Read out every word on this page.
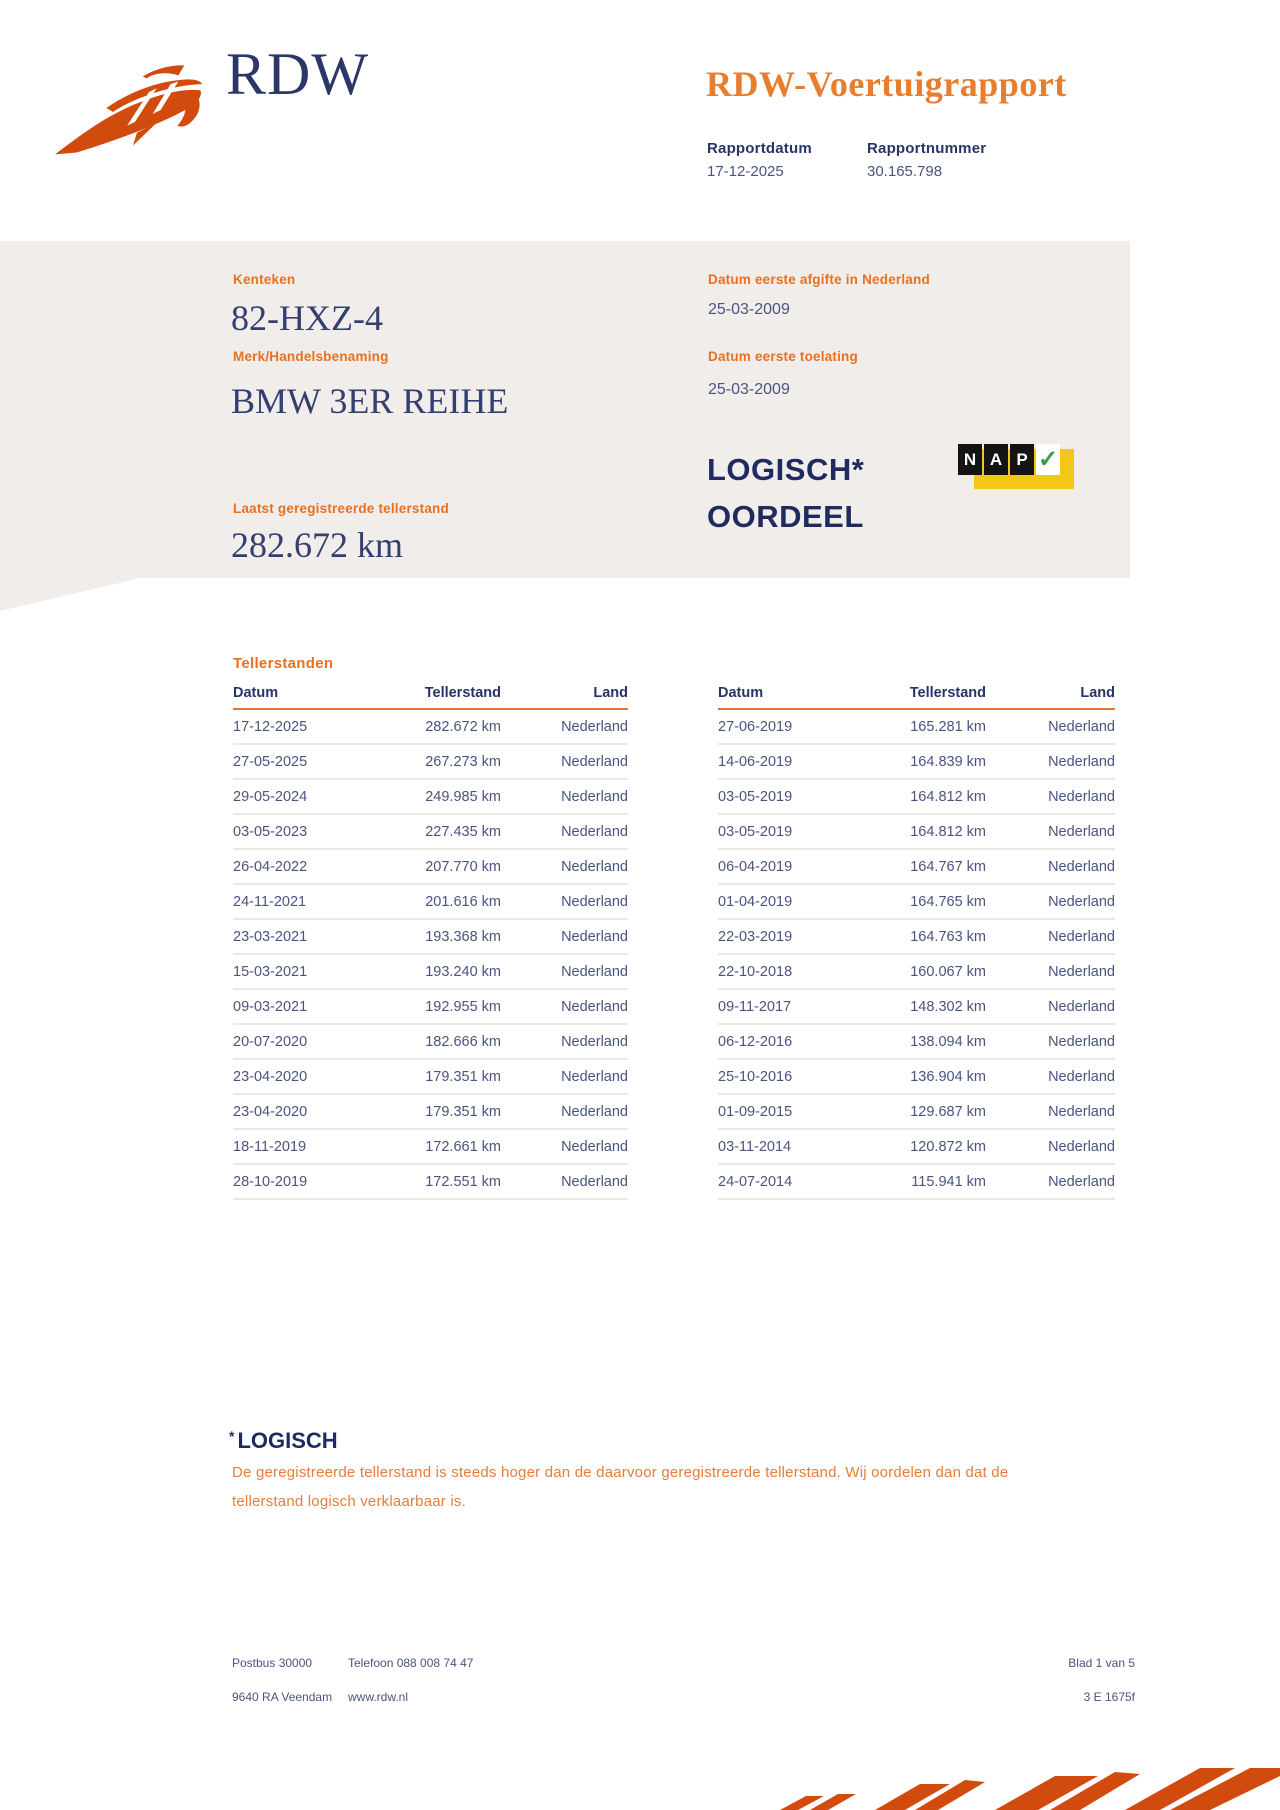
RDW	RDW-Voertuigrapport
Rapportdatum
17-12-2025
Rapportnummer
30.165.798
Kenteken
82-HXZ-4
Merk/Handelsbenaming
BMW 3ER REIHE
Datum eerste afgifte in Nederland
25-03-2009
Datum eerste toelating
25-03-2009
LOGISCH*
OORDEEL
N A P ✓
Laatst geregistreerde tellerstand
282.672 km
Tellerstanden
Datum	Tellerstand	Land
17-12-2025	282.672 km	Nederland
27-05-2025	267.273 km	Nederland
29-05-2024	249.985 km	Nederland
03-05-2023	227.435 km	Nederland
26-04-2022	207.770 km	Nederland
24-11-2021	201.616 km	Nederland
23-03-2021	193.368 km	Nederland
15-03-2021	193.240 km	Nederland
09-03-2021	192.955 km	Nederland
20-07-2020	182.666 km	Nederland
23-04-2020	179.351 km	Nederland
23-04-2020	179.351 km	Nederland
18-11-2019	172.661 km	Nederland
28-10-2019	172.551 km	Nederland
Datum	Tellerstand	Land
27-06-2019	165.281 km	Nederland
14-06-2019	164.839 km	Nederland
03-05-2019	164.812 km	Nederland
03-05-2019	164.812 km	Nederland
06-04-2019	164.767 km	Nederland
01-04-2019	164.765 km	Nederland
22-03-2019	164.763 km	Nederland
22-10-2018	160.067 km	Nederland
09-11-2017	148.302 km	Nederland
06-12-2016	138.094 km	Nederland
25-10-2016	136.904 km	Nederland
01-09-2015	129.687 km	Nederland
03-11-2014	120.872 km	Nederland
24-07-2014	115.941 km	Nederland
* LOGISCH
De geregistreerde tellerstand is steeds hoger dan de daarvoor geregistreerde tellerstand. Wij oordelen dan dat de tellerstand logisch verklaarbaar is.
Postbus 30000
9640 RA Veendam
Telefoon 088 008 74 47
www.rdw.nl
Blad 1 van 5
3 E 1675f
